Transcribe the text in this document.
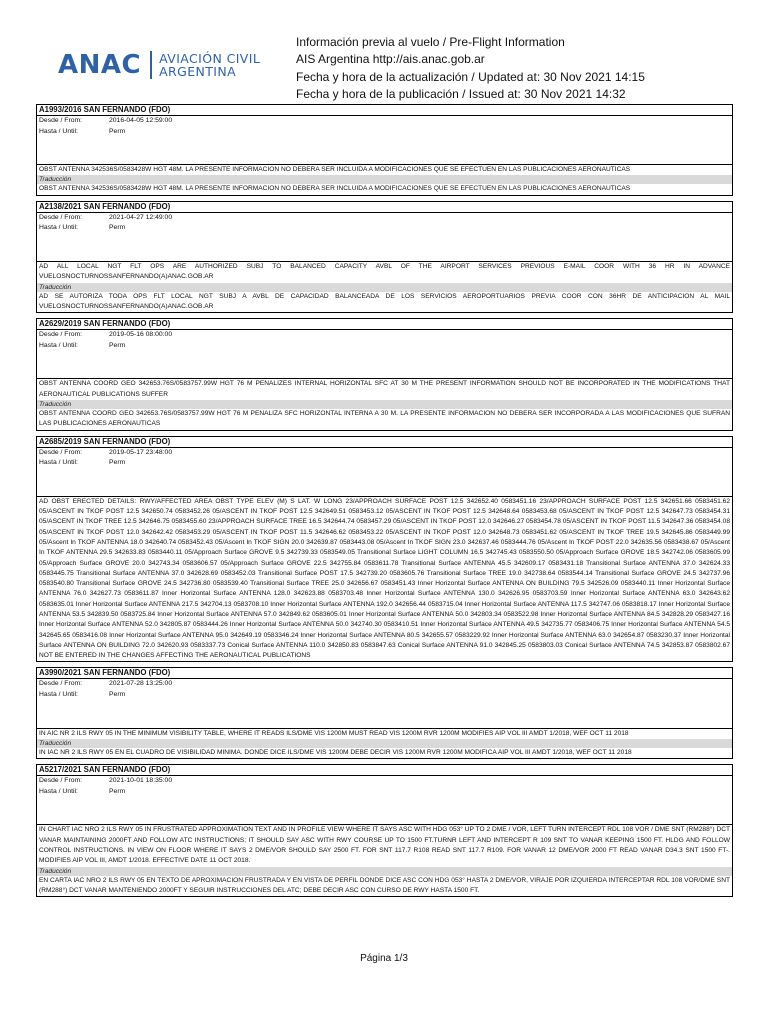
ANAC AVIACIÓN CIVIL
ARGENTINA
Información previa al vuelo / Pre-Flight Information
AIS Argentina http://ais.anac.gob.ar
Fecha y hora de la actualización / Updated at: 30 Nov 2021 14:15
Fecha y hora de la publicación / Issued at: 30 Nov 2021 14:32
A1993/2016 SAN FERNANDO (FDO)
Desde / From:	2016-04-05 12:59:00
Hasta / Until:	Perm
OBST ANTENNA 342536S/0583428W HGT 48M. LA PRESENTE INFORMACION NO DEBERA SER INCLUIDA A MODIFICACIONES QUE SE EFECTUEN EN LAS PUBLICACIONES AERONAUTICAS
Traducción
OBST ANTENNA 342536S/0583428W HGT 48M. LA PRESENTE INFORMACION NO DEBERA SER INCLUIDA A MODIFICACIONES QUE SE EFECTUEN EN LAS PUBLICACIONES AERONAUTICAS
A2138/2021 SAN FERNANDO (FDO)
Desde / From:	2021-04-27 12:49:00
Hasta / Until:	Perm
AD ALL LOCAL NGT FLT OPS ARE AUTHORIZED SUBJ TO BALANCED CAPACITY AVBL OF THE AIRPORT SERVICES PREVIOUS E-MAIL COOR WITH 36 HR IN ADVANCE VUELOSNOCTURNOSSANFERNANDO(A)ANAC.GOB.AR
Traducción
AD SE AUTORIZA TODA OPS FLT LOCAL NGT SUBJ A AVBL DE CAPACIDAD BALANCEADA DE LOS SERVICIOS AEROPORTUARIOS PREVIA COOR CON 36HR DE ANTICIPACION AL MAIL VUELOSNOCTURNOSSANFERNANDO(A)ANAC.GOB.AR
A2629/2019 SAN FERNANDO (FDO)
Desde / From:	2019-05-16 08:00:00
Hasta / Until:	Perm
OBST ANTENNA COORD GEO 342653.76S/0583757.99W HGT 76 M PENALIZES INTERNAL HORIZONTAL SFC AT 30 M THE PRESENT INFORMATION SHOULD NOT BE INCORPORATED IN THE MODIFICATIONS THAT AERONAUTICAL PUBLICATIONS SUFFER
Traducción
OBST ANTENNA COORD GEO 342653.76S/0583757.99W HGT 76 M PENALIZA SFC HORIZONTAL INTERNA A 30 M. LA PRESENTE INFORMACION NO DEBERA SER INCORPORADA A LAS MODIFICACIONES QUE SUFRAN LAS PUBLICACIONES AERONAUTICAS
A2685/2019 SAN FERNANDO (FDO)
Desde / From:	2019-05-17 23:48:00
Hasta / Until:	Perm
AD OBST ERECTED DETAILS: RWY/AFFECTED AREA OBST TYPE ELEV (M) S LAT. W LONG 23/APPROACH SURFACE POST 12.5 342652.40 0583451.16 23/APPROACH SURFACE POST 12.5 342651.66 0583451.62 05/ASCENT IN TKOF POST 12.5 342650.74 0583452.26 05/ASCENT IN TKOF POST 12.5 342649.51 0583453.12 05/ASCENT IN TKOF POST 12.5 342648.64 0583453.68 05/ASCENT IN TKOF POST 12.5 342647.73 0583454.31 05/ASCENT IN TKOF TREE 12.5 342646.75 0583455.60 23/APPROACH SURFACE TREE 16.5 342644.74 0583457.29 05/ASCENT IN TKOF POST 12.0 342646.27 0583454.78 05/ASCENT IN TKOF POST 11.5 342647.36 0583454.08 05/ASCENT IN TKOF POST 12.0 342642.42 0583453.29 05/ASCENT IN TKOF POST 11.5 342646.62 0583453.22 05/ASCENT IN TKOF POST 12.0 342648.73 0583451.62 05/ASCENT IN TKOF TREE 19.5 342645.86 0583449.99 05/Ascent In TKOF ANTENNA 18.0 342640.74 0583452.43 05/Ascent In TKOF SIGN 20.0 342639.87 0583443.08 05/Ascent In TKOF SIGN 23.0 342637.46 0583444.76 05/Ascent In TKOF POST 22.0 342635.56 0583438.67 05/Ascent In TKOF ANTENNA 29.5 342633.83 0583440.11 05/Approach Surface GROVE 9.5 342739.33 0583549.05 Transitional Surface LIGHT COLUMN 16.5 342745.43 0583550.50 05/Approach Surface GROVE 18.5 342742.06 0583605.99 05/Approach Surface GROVE 20.0 342743.34 0583606.57 05/Approach Surface GROVE 22.5 342755.84 0583611.78 Transitional Surface ANTENNA 45.5 342609.17 0583431.18 Transitional Surface ANTENNA 37.0 342624.33 0583445.75 Transitional Surface ANTENNA 37.0 342628.69 0583452.03 Transitional Surface POST 17.5 342739.20 0583605.76 Transitional Surface TREE 19.0 342738.64 0583544.14 Transitional Surface GROVE 24.5 342737.96 0583540.80 Transitional Surface GROVE 24.5 342736.80 0583539.40 Transitional Surface TREE 25.0 342656.67 0583451.43 Inner Horizontal Surface ANTENNA ON BUILDING 79.5 342526.09 0583440.11 Inner Horizontal Surface ANTENNA 76.0 342627.73 0583611.87 Inner Horizontal Surface ANTENNA 128.0 342623.88 0583703.48 Inner Horizontal Surface ANTENNA 130.0 342626.95 0583703.59 Inner Horizontal Surface ANTENNA 63.0 342643.62 0583635.01 Inner Horizontal Surface ANTENNA 217.5 342704.13 0583708.10 Inner Horizontal Surface ANTENNA 192.0 342656.44 0583715.04 Inner Horizontal Surface ANTENNA 117.5 342747.06 0583818.17 Inner Horizontal Surface ANTENNA 53.5 342839.50 0583725.84 Inner Horizontal Surface ANTENNA 57.0 342849.62 0583605.01 Inner Horizontal Surface ANTENNA 50.0 342803.34 0583522.98 Inner Horizontal Surface ANTENNA 84.5 342828.29 0583427.16 Inner Horizontal Surface ANTENNA 52.0 342805.87 0583444.26 Inner Horizontal Surface ANTENNA 50.0 342740.30 0583410.51 Inner Horizontal Surface ANTENNA 49.5 342735.77 0583406.75 Inner Horizontal Surface ANTENNA 54.5 342645.65 0583416.08 Inner Horizontal Surface ANTENNA 95.0 342649.19 0583346.24 Inner Horizontal Surface ANTENNA 80.5 342655.57 0583229.92 Inner Horizontal Surface ANTENNA 63.0 342654.87 0583230.37 Inner Horizontal Surface ANTENNA ON BUILDING 72.0 342620.93 0583337.73 Conical Surface ANTENNA 110.0 342850.83 0583847.63 Conical Surface ANTENNA 91.0 342845.25 0583803.03 Conical Surface ANTENNA 74.5 342853.87 0583802.67 NOT BE ENTERED IN THE CHANGES AFFECTING THE AERONAUTICAL PUBLICATIONS
A3990/2021 SAN FERNANDO (FDO)
Desde / From:	2021-07-28 13:25:00
Hasta / Until:	Perm
IN AIC NR 2 ILS RWY 05 IN THE MINIMUM VISIBILITY TABLE, WHERE IT READS ILS/DME VIS 1200M MUST READ VIS 1200M RVR 1200M MODIFIES AIP VOL III AMDT 1/2018, WEF OCT 11 2018
Traducción
IN IAC NR 2 ILS RWY 05 EN EL CUADRO DE VISIBILIDAD MINIMA. DONDE DICE ILS/DME VIS 1200M DEBE DECIR VIS 1200M RVR 1200M MODIFICA AIP VOL III AMDT 1/2018, WEF OCT 11 2018
A5217/2021 SAN FERNANDO (FDO)
Desde / From:	2021-10-01 18:35:00
Hasta / Until:	Perm
IN CHART IAC NRO 2 ILS RWY 05 IN FRUSTRATED APPROXIMATION TEXT AND IN PROFILE VIEW WHERE IT SAYS ASC WITH HDG 053° UP TO 2 DME / VOR, LEFT TURN INTERCEPT RDL 108 VOR / DME SNT (RM288°) DCT VANAR MAINTAINING 2000FT AND FOLLOW ATC INSTRUCTIONS; IT SHOULD SAY ASC WITH RWY COURSE UP TO 1500 FT.TURNR LEFT AND INTERCEPT R 109 SNT TO VANAR KEEPING 1500 FT. HLDG AND FOLLOW CONTROL INSTRUCTIONS. IN VIEW ON FLOOR WHERE IT SAYS 2 DME/VOR SHOULD SAY 2500 FT. FOR SNT 117.7 R108 READ SNT 117.7 R109. FOR VANAR 12 DME/VOR 2000 FT READ VANAR D34.3 SNT 1500 FT-. MODIFIES AIP VOL III, AMDT 1/2018. EFFECTIVE DATE 11 OCT 2018.
Traducción
EN CARTA IAC NRO 2 ILS RWY 05 EN TEXTO DE APROXIMACION FRUSTRADA Y EN VISTA DE PERFIL DONDE DICE ASC CON HDG 053° HASTA 2 DME/VOR, VIRAJE POR IZQUIERDA INTERCEPTAR RDL 108 VOR/DME SNT (RM288°) DCT VANAR MANTENIENDO 2000FT Y SEGUIR INSTRUCCIONES DEL ATC; DEBE DECIR ASC CON CURSO DE RWY HASTA 1500 FT.
Página 1/3
